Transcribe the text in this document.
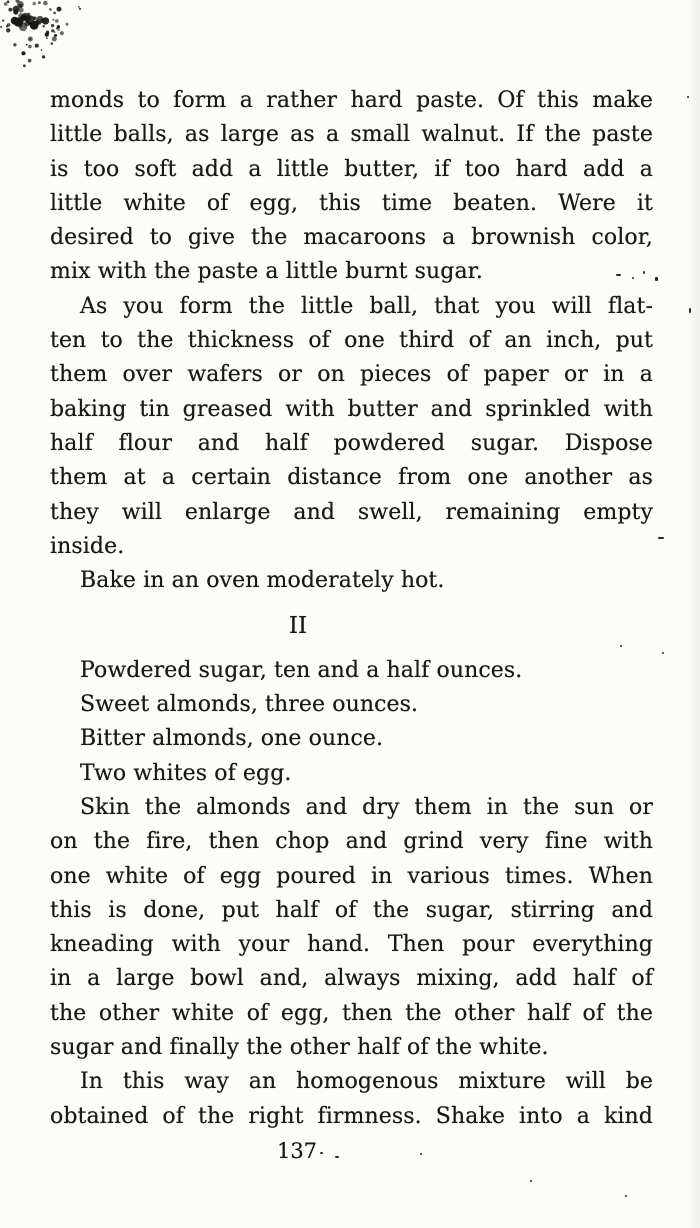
monds to form a rather hard paste. Of this make
little balls, as large as a small walnut. If the paste
is too soft add a little butter, if too hard add a
little white of egg, this time beaten. Were it
desired to give the macaroons a brownish color,
mix with the paste a little burnt sugar.
As you form the little ball, that you will flat-
ten to the thickness of one third of an inch, put
them over wafers or on pieces of paper or in a
baking tin greased with butter and sprinkled with
half flour and half powdered sugar. Dispose
them at a certain distance from one another as
they will enlarge and swell, remaining empty
inside.
Bake in an oven moderately hot.
II
Powdered sugar, ten and a half ounces.
Sweet almonds, three ounces.
Bitter almonds, one ounce.
Two whites of egg.
Skin the almonds and dry them in the sun or
on the fire, then chop and grind very fine with
one white of egg poured in various times. When
this is done, put half of the sugar, stirring and
kneading with your hand. Then pour everything
in a large bowl and, always mixing, add half of
the other white of egg, then the other half of the
sugar and finally the other half of the white.
In this way an homogenous mixture will be
obtained of the right firmness. Shake into a kind
137
